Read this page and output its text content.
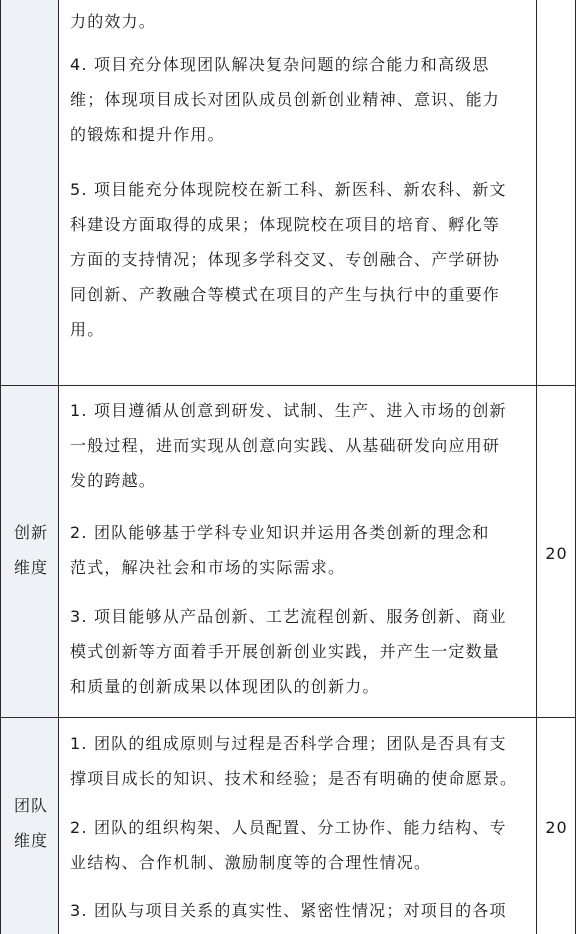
力的效力。
4. 项目充分体现团队解决复杂问题的综合能力和高级思
维；体现项目成长对团队成员创新创业精神、意识、能力
的锻炼和提升作用。
5. 项目能充分体现院校在新工科、新医科、新农科、新文
科建设方面取得的成果；体现院校在项目的培育、孵化等
方面的支持情况；体现多学科交叉、专创融合、产学研协
同创新、产教融合等模式在项目的产生与执行中的重要作
用。
创新
维度
20
1. 项目遵循从创意到研发、试制、生产、进入市场的创新
一般过程，进而实现从创意向实践、从基础研发向应用研
发的跨越。
2. 团队能够基于学科专业知识并运用各类创新的理念和
范式，解决社会和市场的实际需求。
3. 项目能够从产品创新、工艺流程创新、服务创新、商业
模式创新等方面着手开展创新创业实践，并产生一定数量
和质量的创新成果以体现团队的创新力。
团队
维度
20
1. 团队的组成原则与过程是否科学合理；团队是否具有支
撑项目成长的知识、技术和经验；是否有明确的使命愿景。
2. 团队的组织构架、人员配置、分工协作、能力结构、专
业结构、合作机制、激励制度等的合理性情况。
3. 团队与项目关系的真实性、紧密性情况；对项目的各项
